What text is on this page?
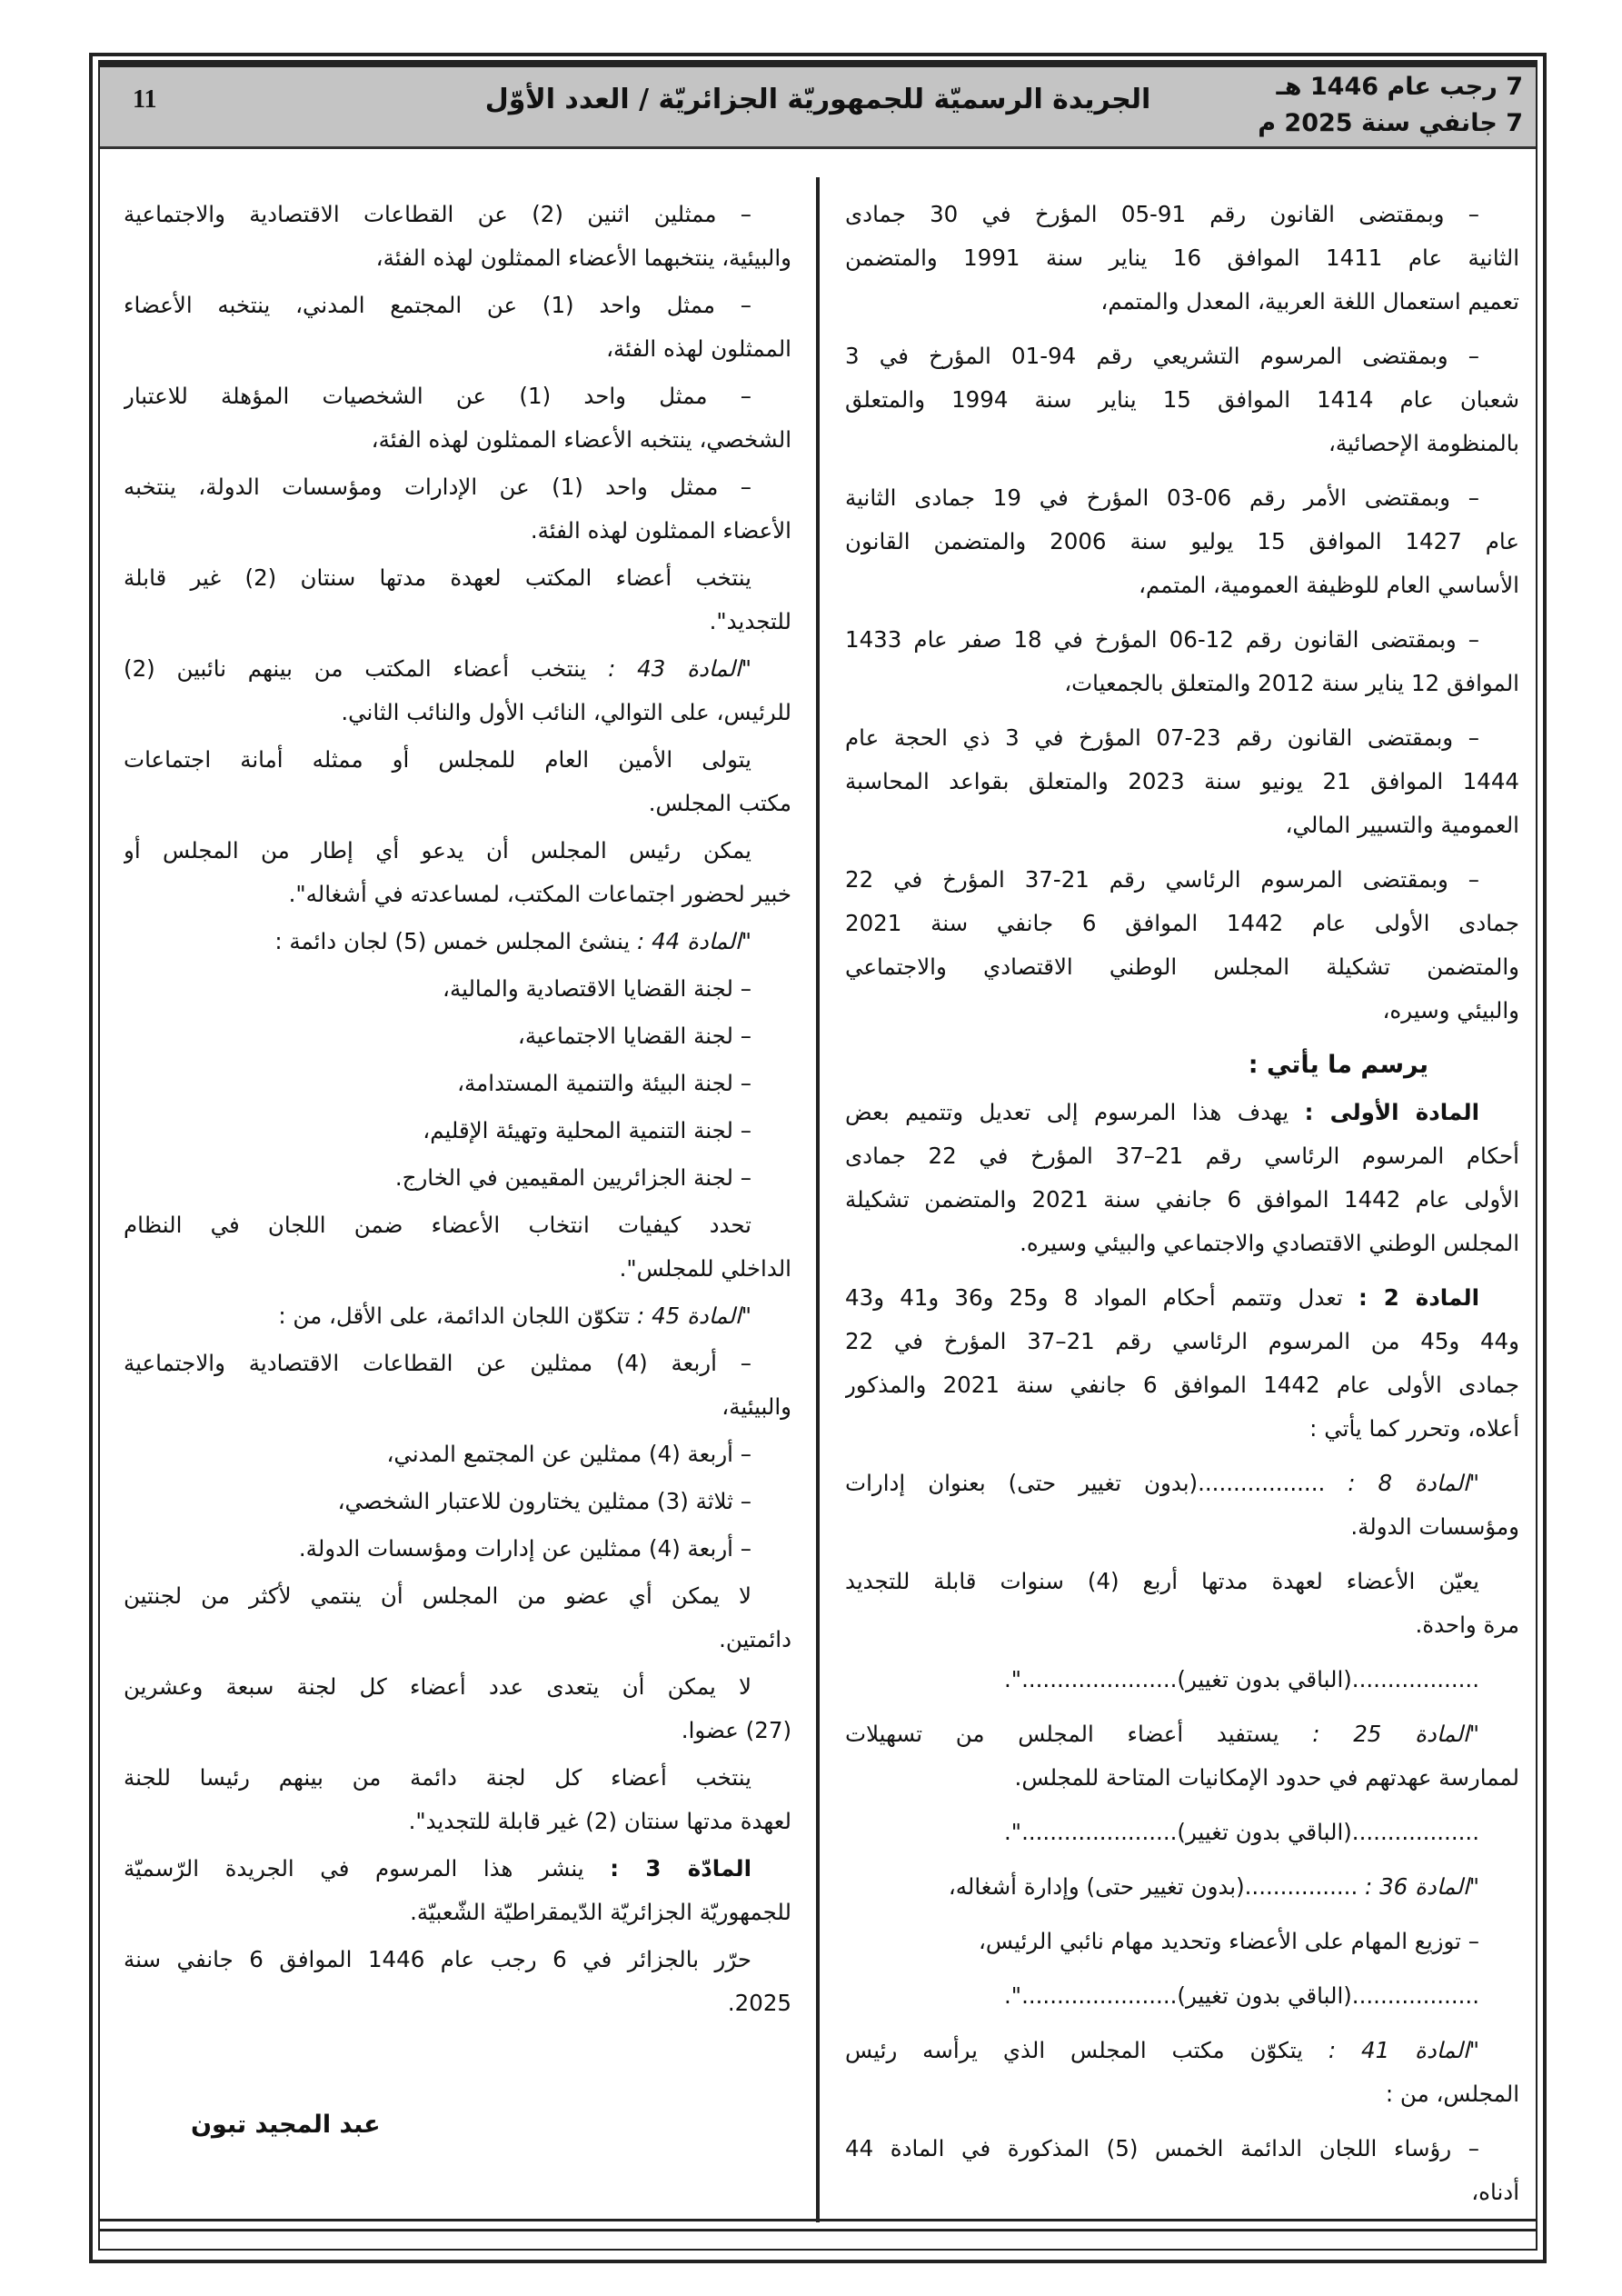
11	الجريدة الرسميّة للجمهوريّة الجزائريّة / العدد الأوّل	7 رجب عام 1446 هـ
7 جانفي سنة 2025 م
– وبمقتضى القانون رقم 91-05 المؤرخ في 30 جمادى
الثانية عام 1411 الموافق 16 يناير سنة 1991 والمتضمن
تعميم استعمال اللغة العربية، المعدل والمتمم،
– وبمقتضى المرسوم التشريعي رقم 94-01 المؤرخ في 3
شعبان عام 1414 الموافق 15 يناير سنة 1994 والمتعلق
بالمنظومة الإحصائية،
– وبمقتضى الأمر رقم 06-03 المؤرخ في 19 جمادى الثانية
عام 1427 الموافق 15 يوليو سنة 2006 والمتضمن القانون
الأساسي العام للوظيفة العمومية، المتمم،
– وبمقتضى القانون رقم 12-06 المؤرخ في 18 صفر عام 1433
الموافق 12 يناير سنة 2012 والمتعلق بالجمعيات،
– وبمقتضى القانون رقم 23-07 المؤرخ في 3 ذي الحجة عام
1444 الموافق 21 يونيو سنة 2023 والمتعلق بقواعد المحاسبة
العمومية والتسيير المالي،
– وبمقتضى المرسوم الرئاسي رقم 21-37 المؤرخ في 22
جمادى الأولى عام 1442 الموافق 6 جانفي سنة 2021
والمتضمن تشكيلة المجلس الوطني الاقتصادي والاجتماعي
والبيئي وسيره،
يرسم ما يأتي :
المادة الأولى : يهدف هذا المرسوم إلى تعديل وتتميم بعض
أحكام المرسوم الرئاسي رقم 21–37 المؤرخ في 22 جمادى
الأولى عام 1442 الموافق 6 جانفي سنة 2021 والمتضمن تشكيلة
المجلس الوطني الاقتصادي والاجتماعي والبيئي وسيره.
المادة 2 : تعدل وتتمم أحكام المواد 8 و25 و36 و41 و43
و44 و45 من المرسوم الرئاسي رقم 21–37 المؤرخ في 22
جمادى الأولى عام 1442 الموافق 6 جانفي سنة 2021 والمذكور
أعلاه، وتحرر كما يأتي :
"المادة 8 : ..................(بدون تغيير حتى) بعنوان إدارات
ومؤسسات الدولة.
يعيّن الأعضاء لعهدة مدتها أربع (4) سنوات قابلة للتجديد
مرة واحدة.
..................(الباقي بدون تغيير)......................".
"المادة 25 : يستفيد أعضاء المجلس من تسهيلات
لممارسة عهدتهم في حدود الإمكانيات المتاحة للمجلس.
..................(الباقي بدون تغيير)......................".
"المادة 36 : ................(بدون تغيير حتى) وإدارة أشغاله،
– توزيع المهام على الأعضاء وتحديد مهام نائبي الرئيس،
..................(الباقي بدون تغيير)......................".
"المادة 41 : يتكوّن مكتب المجلس الذي يرأسه رئيس
المجلس، من :
– رؤساء اللجان الدائمة الخمس (5) المذكورة في المادة 44
أدناه،
– ممثلين اثنين (2) عن القطاعات الاقتصادية والاجتماعية
والبيئية، ينتخبهما الأعضاء الممثلون لهذه الفئة،
– ممثل واحد (1) عن المجتمع المدني، ينتخبه الأعضاء
الممثلون لهذه الفئة،
– ممثل واحد (1) عن الشخصيات المؤهلة للاعتبار
الشخصي، ينتخبه الأعضاء الممثلون لهذه الفئة،
– ممثل واحد (1) عن الإدارات ومؤسسات الدولة، ينتخبه
الأعضاء الممثلون لهذه الفئة.
ينتخب أعضاء المكتب لعهدة مدتها سنتان (2) غير قابلة
للتجديد".
"المادة 43 : ينتخب أعضاء المكتب من بينهم نائبين (2)
للرئيس، على التوالي، النائب الأول والنائب الثاني.
يتولى الأمين العام للمجلس أو ممثله أمانة اجتماعات
مكتب المجلس.
يمكن رئيس المجلس أن يدعو أي إطار من المجلس أو
خبير لحضور اجتماعات المكتب، لمساعدته في أشغاله".
"المادة 44 : ينشئ المجلس خمس (5) لجان دائمة :
– لجنة القضايا الاقتصادية والمالية،
– لجنة القضايا الاجتماعية،
– لجنة البيئة والتنمية المستدامة،
– لجنة التنمية المحلية وتهيئة الإقليم،
– لجنة الجزائريين المقيمين في الخارج.
تحدد كيفيات انتخاب الأعضاء ضمن اللجان في النظام
الداخلي للمجلس".
"المادة 45 : تتكوّن اللجان الدائمة، على الأقل، من :
– أربعة (4) ممثلين عن القطاعات الاقتصادية والاجتماعية
والبيئية،
– أربعة (4) ممثلين عن المجتمع المدني،
– ثلاثة (3) ممثلين يختارون للاعتبار الشخصي،
– أربعة (4) ممثلين عن إدارات ومؤسسات الدولة.
لا يمكن أي عضو من المجلس أن ينتمي لأكثر من لجنتين
دائمتين.
لا يمكن أن يتعدى عدد أعضاء كل لجنة سبعة وعشرين
(27) عضوا.
ينتخب أعضاء كل لجنة دائمة من بينهم رئيسا للجنة
لعهدة مدتها سنتان (2) غير قابلة للتجديد".
المادّة 3 : ينشر هذا المرسوم في الجريدة الرّسميّة
للجمهوريّة الجزائريّة الدّيمقراطيّة الشّعبيّة.
حرّر بالجزائر في 6 رجب عام 1446 الموافق 6 جانفي سنة
2025.
عبد المجيد تبون
